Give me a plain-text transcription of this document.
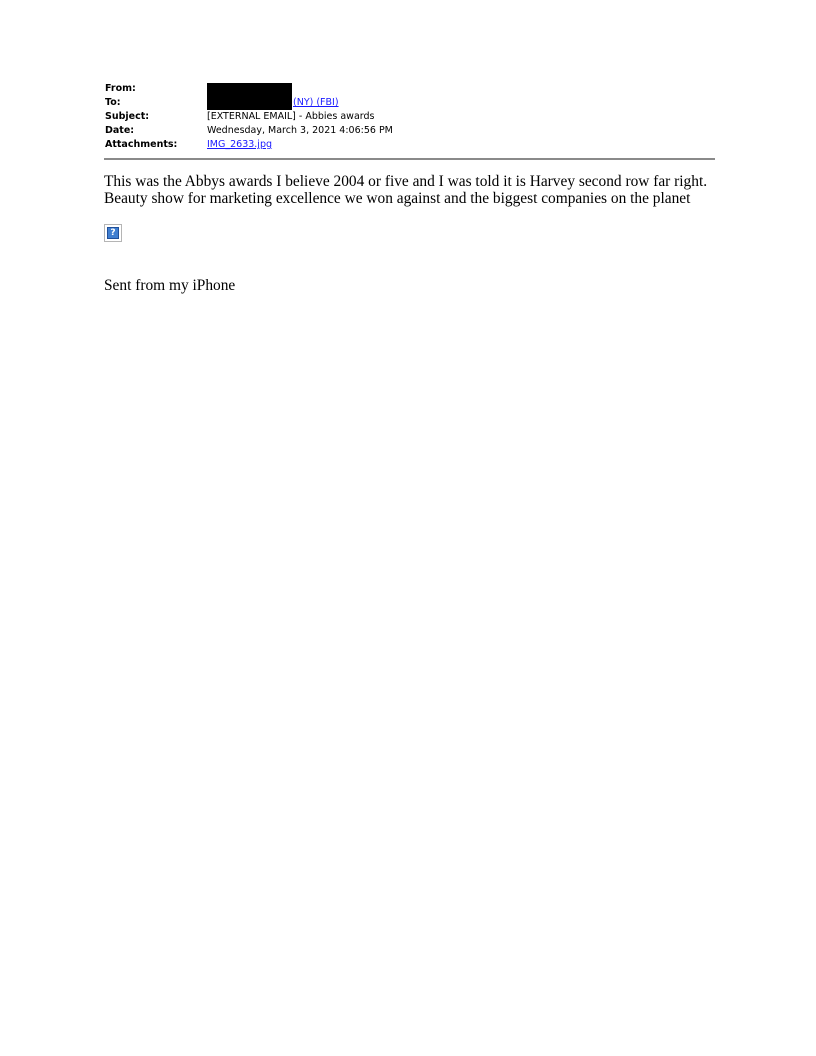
From:
To:	(NY) (FBI)
Subject:	[EXTERNAL EMAIL] - Abbies awards
Date:	Wednesday, March 3, 2021 4:06:56 PM
Attachments:	IMG_2633.jpg

This was the Abbys awards I believe 2004 or five and I was told it is Harvey second row far right.

Beauty show for marketing excellence we won against and the biggest companies on the planet

?
Sent from my iPhone
